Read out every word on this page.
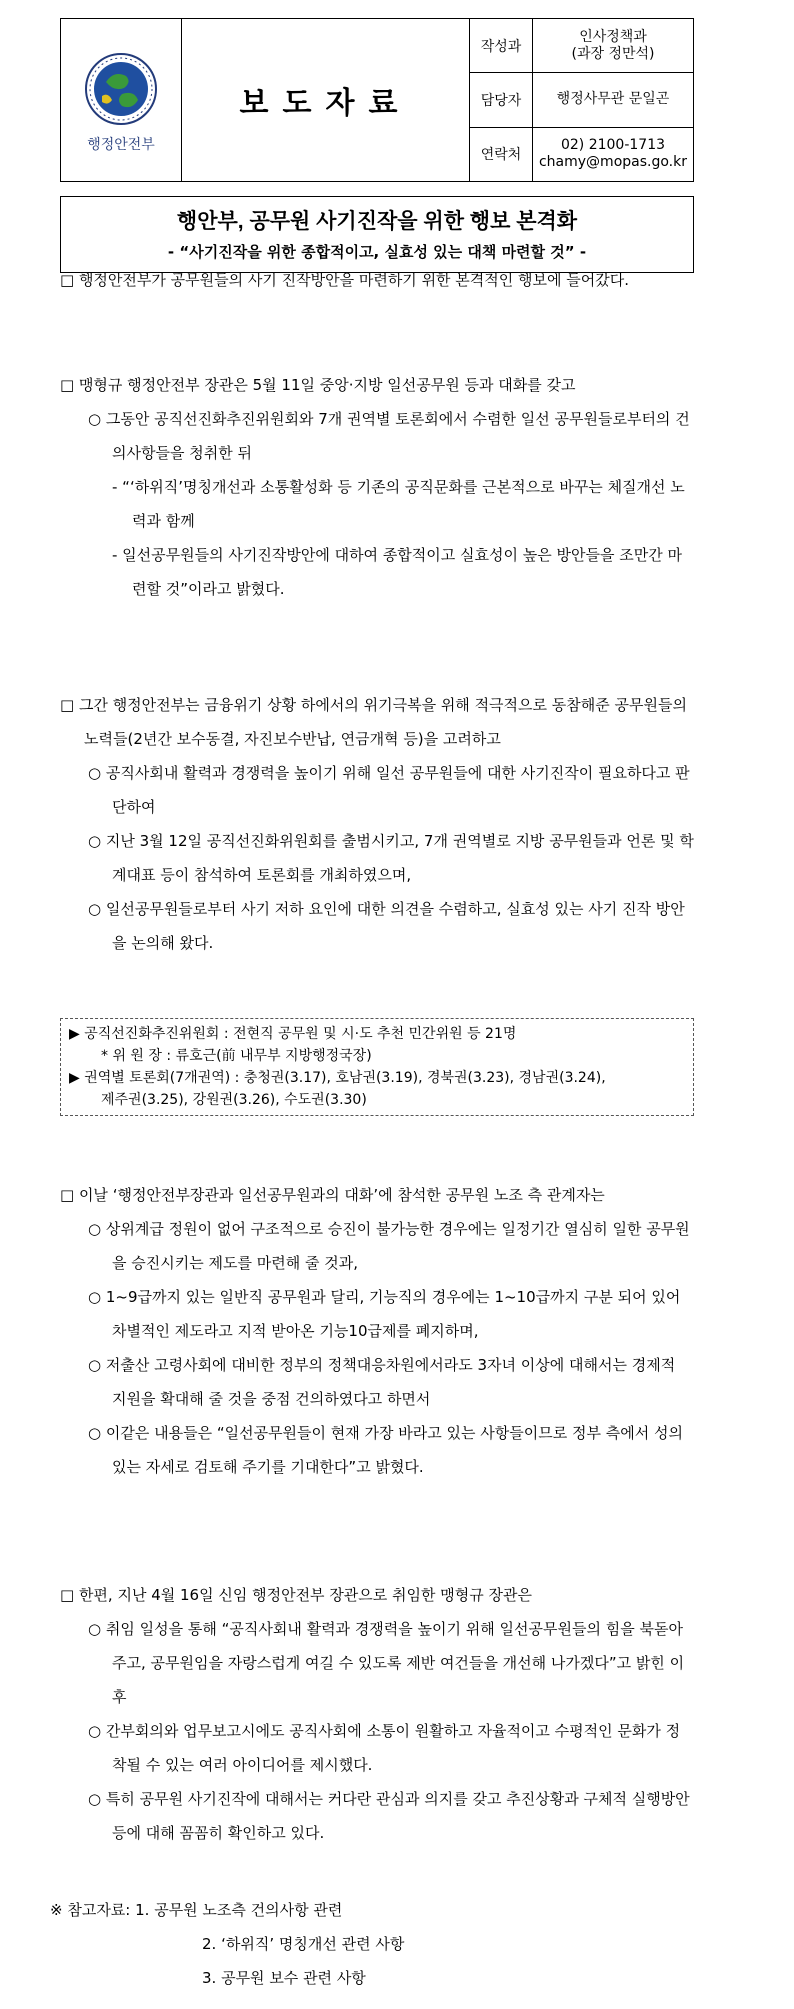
행정안전부	보도자료	작성과	인사정책과
(과장 정만석)
		담당자	행정사무관 문일곤
		연락처	02) 2100-1713
chamy@mopas.go.kr
행안부, 공무원 사기진작을 위한 행보 본격화
- “사기진작을 위한 종합적이고, 실효성 있는 대책 마련할 것” -
□ 행정안전부가 공무원들의 사기 진작방안을 마련하기 위한 본격적인 행보에 들어갔다.
□ 맹형규 행정안전부 장관은 5월 11일 중앙·지방 일선공무원 등과 대화를 갖고
○ 그동안 공직선진화추진위원회와 7개 권역별 토론회에서 수렴한 일선 공무원들로부터의 건의사항들을 청취한 뒤
- “‘하위직’명칭개선과 소통활성화 등 기존의 공직문화를 근본적으로 바꾸는 체질개선 노력과 함께
- 일선공무원들의 사기진작방안에 대하여 종합적이고 실효성이 높은 방안들을 조만간 마련할 것”이라고 밝혔다.
□ 그간 행정안전부는 금융위기 상황 하에서의 위기극복을 위해 적극적으로 동참해준 공무원들의 노력들(2년간 보수동결, 자진보수반납, 연금개혁 등)을 고려하고
○ 공직사회내 활력과 경쟁력을 높이기 위해 일선 공무원들에 대한 사기진작이 필요하다고 판단하여
○ 지난 3월 12일 공직선진화위원회를 출범시키고, 7개 권역별로 지방 공무원들과 언론 및 학계대표 등이 참석하여 토론회를 개최하였으며,
○ 일선공무원들로부터 사기 저하 요인에 대한 의견을 수렴하고, 실효성 있는 사기 진작 방안을 논의해 왔다.
▶ 공직선진화추진위원회 : 전현직 공무원 및 시·도 추천 민간위원 등 21명
* 위 원 장 : 류호근(前 내무부 지방행정국장)
▶ 권역별 토론회(7개권역) : 충청권(3.17), 호남권(3.19), 경북권(3.23), 경남권(3.24),
제주권(3.25), 강원권(3.26), 수도권(3.30)
□ 이날 ‘행정안전부장관과 일선공무원과의 대화’에 참석한 공무원 노조 측 관계자는
○ 상위계급 정원이 없어 구조적으로 승진이 불가능한 경우에는 일정기간 열심히 일한 공무원을 승진시키는 제도를 마련해 줄 것과,
○ 1~9급까지 있는 일반직 공무원과 달리, 기능직의 경우에는 1~10급까지 구분 되어 있어 차별적인 제도라고 지적 받아온 기능10급제를 폐지하며,
○ 저출산 고령사회에 대비한 정부의 정책대응차원에서라도 3자녀 이상에 대해서는 경제적 지원을 확대해 줄 것을 중점 건의하였다고 하면서
○ 이같은 내용들은 “일선공무원들이 현재 가장 바라고 있는 사항들이므로 정부 측에서 성의 있는 자세로 검토해 주기를 기대한다”고 밝혔다.
□ 한편, 지난 4월 16일 신임 행정안전부 장관으로 취임한 맹형규 장관은
○ 취임 일성을 통해 “공직사회내 활력과 경쟁력을 높이기 위해 일선공무원들의 힘을 북돋아 주고, 공무원임을 자랑스럽게 여길 수 있도록 제반 여건들을 개선해 나가겠다”고 밝힌 이후
○ 간부회의와 업무보고시에도 공직사회에 소통이 원활하고 자율적이고 수평적인 문화가 정착될 수 있는 여러 아이디어를 제시했다.
○ 특히 공무원 사기진작에 대해서는 커다란 관심과 의지를 갖고 추진상황과 구체적 실행방안 등에 대해 꼼꼼히 확인하고 있다.
※ 참고자료: 1. 공무원 노조측 건의사항 관련
2. ‘하위직’ 명칭개선 관련 사항
3. 공무원 보수 관련 사항
